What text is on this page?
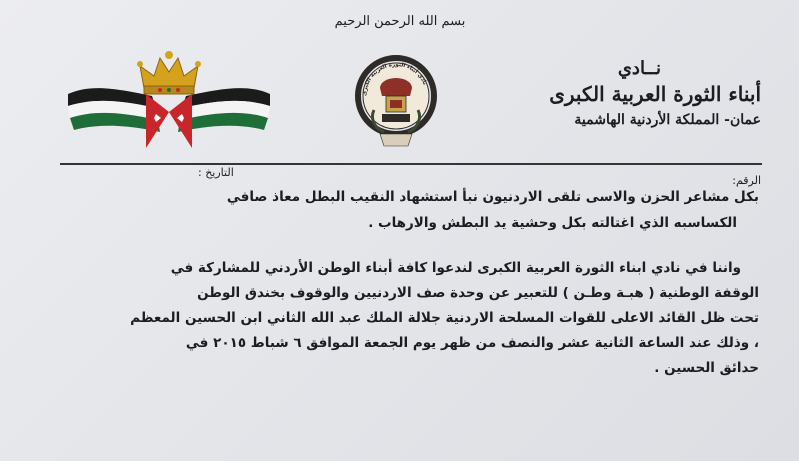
بسم الله الرحمن الرحيم
نادي أبناء الثورة العربية الكبرى
نــادي
أبناء الثورة العربية الكبرى
عمان- المملكة الأردنية الهاشمية
الرقم:
التاريخ :

بكل مشاعر الحزن والاسى تلقى الاردنيون نبأ استشهاد النقيب البطل معاذ صافي

الكساسبه الذي اغتالته بكل وحشية يد البطش والارهاب .

واننا في نادي ابناء الثورة العربية الكبرى لندعوا كافة أبناء الوطن الأردني للمشاركة في

الوقفة الوطنية ( هبـة وطـن ) للتعبير عن وحدة صف الاردنيين والوقوف بخندق الوطن

تحت ظل القائد الاعلى للقوات المسلحة الاردنية جلالة الملك عبد الله الثاني ابن الحسين المعظم

، وذلك عند الساعة الثانية عشر والنصف من ظهر يوم الجمعة الموافق ٦ شباط ٢٠١٥ في

حدائق الحسين .
